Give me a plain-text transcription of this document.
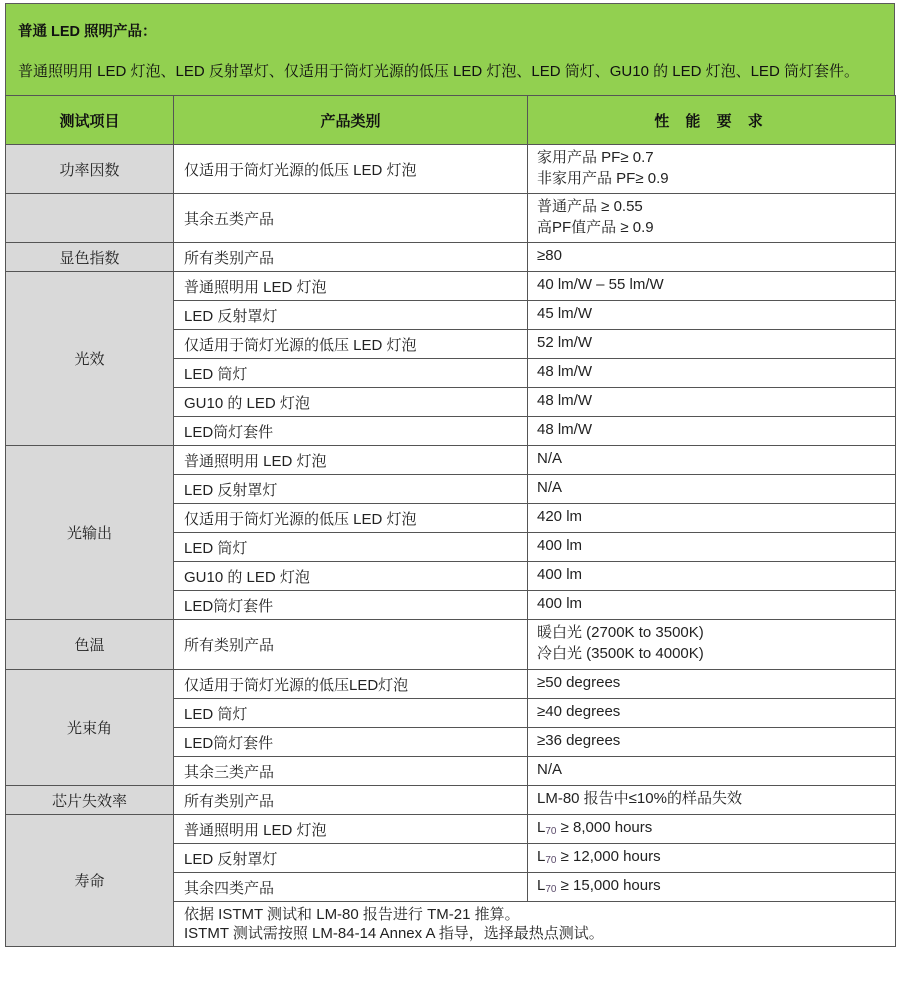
普通 LED 照明产品：
普通照明用 LED 灯泡、LED 反射罩灯、仅适用于筒灯光源的低压 LED 灯泡、LED 筒灯、GU10 的 LED 灯泡、LED 筒灯套件。
测试项目	产品类别	性 能 要 求
功率因数	仅适用于筒灯光源的低压 LED 灯泡	家用产品 PF≥ 0.7
非家用产品 PF≥ 0.9

	其余五类产品	普通产品 ≥ 0.55
高PF值产品 ≥ 0.9

显色指数	所有类别产品	≥80
光效	普通照明用 LED 灯泡	40 lm/W – 55 lm/W
	LED 反射罩灯	45 lm/W
	仅适用于筒灯光源的低压 LED 灯泡	52 lm/W
	LED 筒灯	48 lm/W
	GU10 的 LED 灯泡	48 lm/W
	LED筒灯套件	48 lm/W
光输出	普通照明用 LED 灯泡	N/A
	LED 反射罩灯	N/A
	仅适用于筒灯光源的低压 LED 灯泡	420 lm
	LED 筒灯	400 lm
	GU10 的 LED 灯泡	400 lm
	LED筒灯套件	400 lm
色温	所有类别产品	暖白光 (2700K to 3500K)
冷白光 (3500K to 4000K)

光束角	仅适用于筒灯光源的低压LED灯泡	≥50 degrees
	LED 筒灯	≥40 degrees
	LED筒灯套件	≥36 degrees
	其余三类产品	N/A
芯片失效率	所有类别产品	LM-80 报告中≤10%的样品失效
寿命	普通照明用 LED 灯泡	$L_{70} \ge 8,000$ hours
	LED 反射罩灯	$L_{70} \ge 12,000$ hours
	其余四类产品	$L_{70} \ge 15,000$ hours

	依据 ISTMT 测试和 LM-80 报告进行 TM-21 推算。
ISTMT 测试需按照 LM-84-14 Annex A 指导，选择最热点测试。	
